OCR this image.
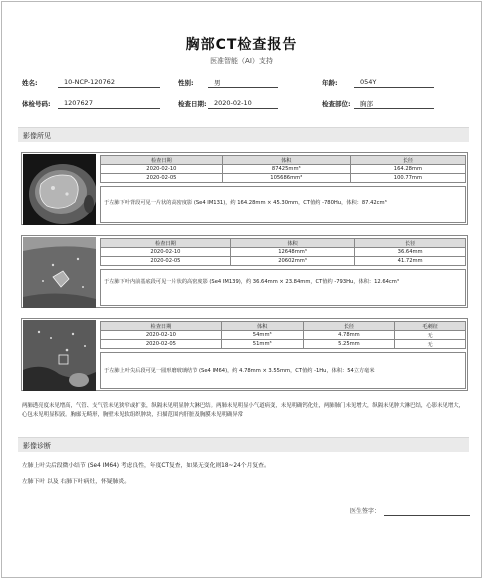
胸部CT检查报告
医准智能（AI）支持
姓名:	10-NCP-120762	性别:	男	年龄:	054Y
体检号码:	1207627	检查日期:	2020-02-10	检查部位:	胸部
影像所见
检查日期	体积	长径
2020-02-10	87425mm³	164.28mm
2020-02-05	105686mm³	100.77mm
于左肺下叶背段可见一片状的高密度影 (Se4 IM131)，约 164.28mm × 45.30mm，CT值约 -780Hu，体积：87.42cm³
检查日期	体积	长径
2020-02-10	12648mm³	36.64mm
2020-02-05	20602mm³	41.72mm
于左肺下叶内前基底段可见一片状的高密度影 (Se4 IM139)，约 36.64mm × 23.84mm，CT值约 -793Hu，体积：12.64cm³
检查日期	体积	长径	毛刺征
2020-02-10	54mm³	4.78mm	无
2020-02-05	51mm³	5.25mm	无
于左肺上叶尖后段可见一圆形磨玻璃结节 (Se4 IM64)，约 4.78mm × 3.55mm，CT值约 -1Hu，体积：54立方毫米
两肺透亮度未见增高，气管、支气管未见狭窄或扩张，纵隔未见明显肿大淋巴结。两肺未见明显小气道病变，未见明确钙化灶，两肺肺门未见增大，纵隔未见肿大淋巴结，心影未见增大，心包未见明显积液。胸廓无畸形，胸壁未见软组织肿块，扫描范围内肝脏及胸膜未见明确异常
影像诊断
左肺上叶尖后段微小结节 (Se4 IM64) 考虑良性，年度CT复查，如果无变化则18~24个月复查。
左肺下叶 以及 右肺下叶病灶，怀疑肺炎。
医生签字：
